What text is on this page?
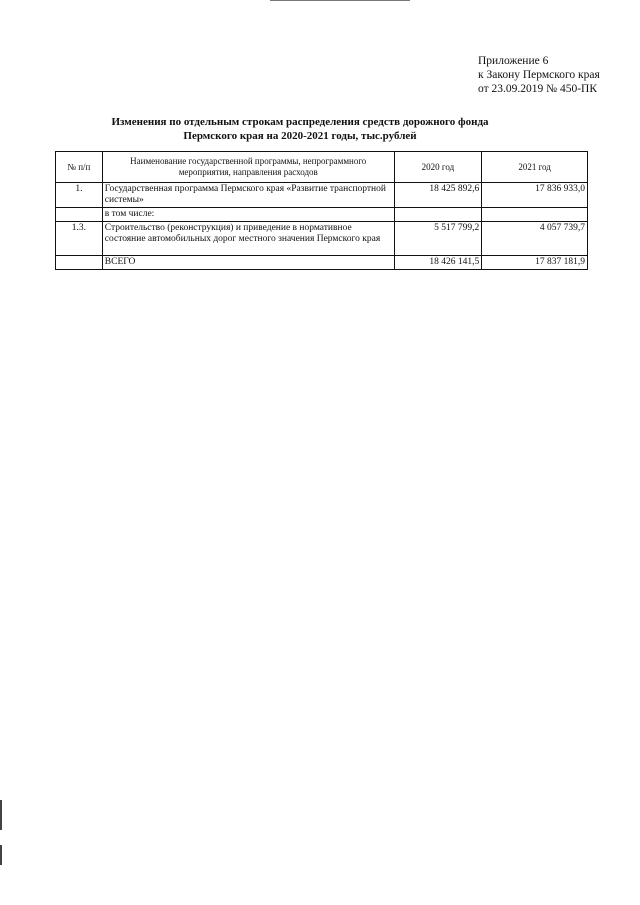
Приложение 6
к Закону Пермского края
от 23.09.2019 № 450-ПК
Изменения по отдельным строкам распределения средств дорожного фонда
Пермского края на 2020-2021 годы, тыс.рублей
№ п/п	Наименование государственной программы, непрограммного мероприятия, направления расходов	2020 год	2021 год
1.	Государственная программа Пермского края «Развитие транспортной системы»	18 425 892,6	17 836 933,0
	в том числе:		
1.3.	Строительство (реконструкция) и приведение в нормативное состояние автомобильных дорог местного значения Пермского края	5 517 799,2	4 057 739,7
	ВСЕГО	18 426 141,5	17 837 181,9
